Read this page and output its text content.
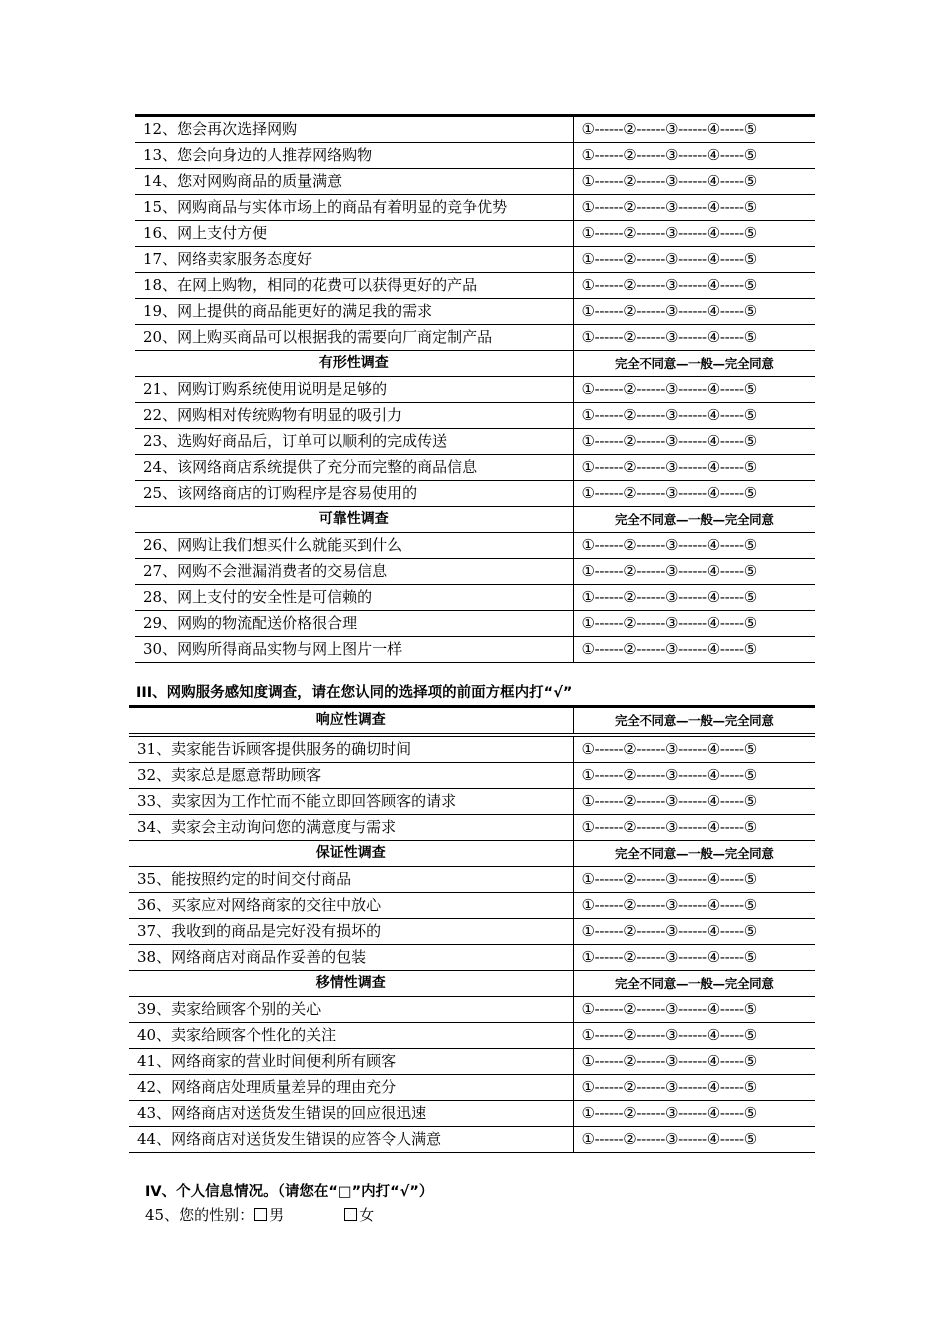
12、您会再次选择网购	①------②------③------④-----⑤
13、您会向身边的人推荐网络购物	①------②------③------④-----⑤
14、您对网购商品的质量满意	①------②------③------④-----⑤
15、网购商品与实体市场上的商品有着明显的竞争优势	①------②------③------④-----⑤
16、网上支付方便	①------②------③------④-----⑤
17、网络卖家服务态度好	①------②------③------④-----⑤
18、在网上购物，相同的花费可以获得更好的产品	①------②------③------④-----⑤
19、网上提供的商品能更好的满足我的需求	①------②------③------④-----⑤
20、网上购买商品可以根据我的需要向厂商定制产品	①------②------③------④-----⑤
有形性调查	完全不同意—一般—完全同意
21、网购订购系统使用说明是足够的	①------②------③------④-----⑤
22、网购相对传统购物有明显的吸引力	①------②------③------④-----⑤
23、选购好商品后，订单可以顺利的完成传送	①------②------③------④-----⑤
24、该网络商店系统提供了充分而完整的商品信息	①------②------③------④-----⑤
25、该网络商店的订购程序是容易使用的	①------②------③------④-----⑤
可靠性调查	完全不同意—一般—完全同意
26、网购让我们想买什么就能买到什么	①------②------③------④-----⑤
27、网购不会泄漏消费者的交易信息	①------②------③------④-----⑤
28、网上支付的安全性是可信赖的	①------②------③------④-----⑤
29、网购的物流配送价格很合理	①------②------③------④-----⑤
30、网购所得商品实物与网上图片一样	①------②------③------④-----⑤
III、网购服务感知度调查，请在您认同的选择项的前面方框内打“√”
响应性调查	完全不同意—一般—完全同意
31、卖家能告诉顾客提供服务的确切时间	①------②------③------④-----⑤
32、卖家总是愿意帮助顾客	①------②------③------④-----⑤
33、卖家因为工作忙而不能立即回答顾客的请求	①------②------③------④-----⑤
34、卖家会主动询问您的满意度与需求	①------②------③------④-----⑤
保证性调查	完全不同意—一般—完全同意
35、能按照约定的时间交付商品	①------②------③------④-----⑤
36、买家应对网络商家的交往中放心	①------②------③------④-----⑤
37、我收到的商品是完好没有损坏的	①------②------③------④-----⑤
38、网络商店对商品作妥善的包装	①------②------③------④-----⑤
移情性调查	完全不同意—一般—完全同意
39、卖家给顾客个别的关心	①------②------③------④-----⑤
40、卖家给顾客个性化的关注	①------②------③------④-----⑤
41、网络商家的营业时间便利所有顾客	①------②------③------④-----⑤
42、网络商店处理质量差异的理由充分	①------②------③------④-----⑤
43、网络商店对送货发生错误的回应很迅速	①------②------③------④-----⑤
44、网络商店对送货发生错误的应答令人满意	①------②------③------④-----⑤
IV、个人信息情况。（请您在“□”内打“√”）
45、您的性别： 男	女
